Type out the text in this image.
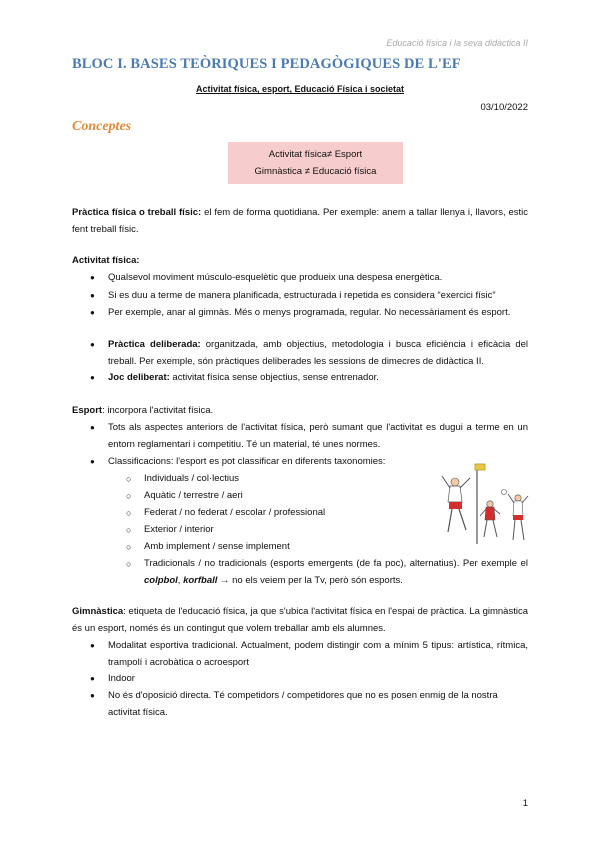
Educació física i la seva didàctica II
BLOC I. BASES TEÒRIQUES I PEDAGÒGIQUES DE L'EF
Activitat física, esport, Educació Física i societat
03/10/2022
Conceptes
Activitat física≠ Esport
Gimnàstica ≠ Educació física
Pràctica física o treball físic: el fem de forma quotidiana. Per exemple: anem a tallar llenya i, llavors, estic fent treball físic.
Activitat física:
● Qualsevol moviment músculo-esquelètic que produeix una despesa energètica.
● Si es duu a terme de manera planificada, estructurada i repetida es considera “exercici físic”
● Per exemple, anar al gimnàs. Més o menys programada, regular. No necessàriament és esport.
● Pràctica deliberada: organitzada, amb objectius, metodologia i busca eficiència i eficàcia del treball. Per exemple, són pràctiques deliberades les sessions de dimecres de didàctica II.
● Joc deliberat: activitat física sense objectius, sense entrenador.
Esport: incorpora l'activitat física.
● Tots als aspectes anteriors de l'activitat física, però sumant que l'activitat es dugui a terme en un entorn reglamentari i competitiu. Té un material, té unes normes.
● Classificacions: l'esport es pot classificar en diferents taxonomies:
○ Individuals / col·lectius
○ Aquàtic / terrestre / aeri
○ Federat / no federat / escolar / professional
○ Exterior / interior
○ Amb implement / sense implement
○ Tradicionals / no tradicionals (esports emergents (de fa poc), alternatius). Per exemple el colpbol, korfball → no els veiem per la Tv, però són esports.
Gimnàstica: etiqueta de l'educació física, ja que s'ubica l'activitat física en l'espai de pràctica. La gimnàstica és un esport, només és un contingut que volem treballar amb els alumnes.
● Modalitat esportiva tradicional. Actualment, podem distingir com a mínim 5 tipus: artística, rítmica, trampolí i acrobàtica o acroesport
● Indoor
● No és d'oposició directa. Té competidors / competidores que no es posen enmig de la nostra activitat física.
1
